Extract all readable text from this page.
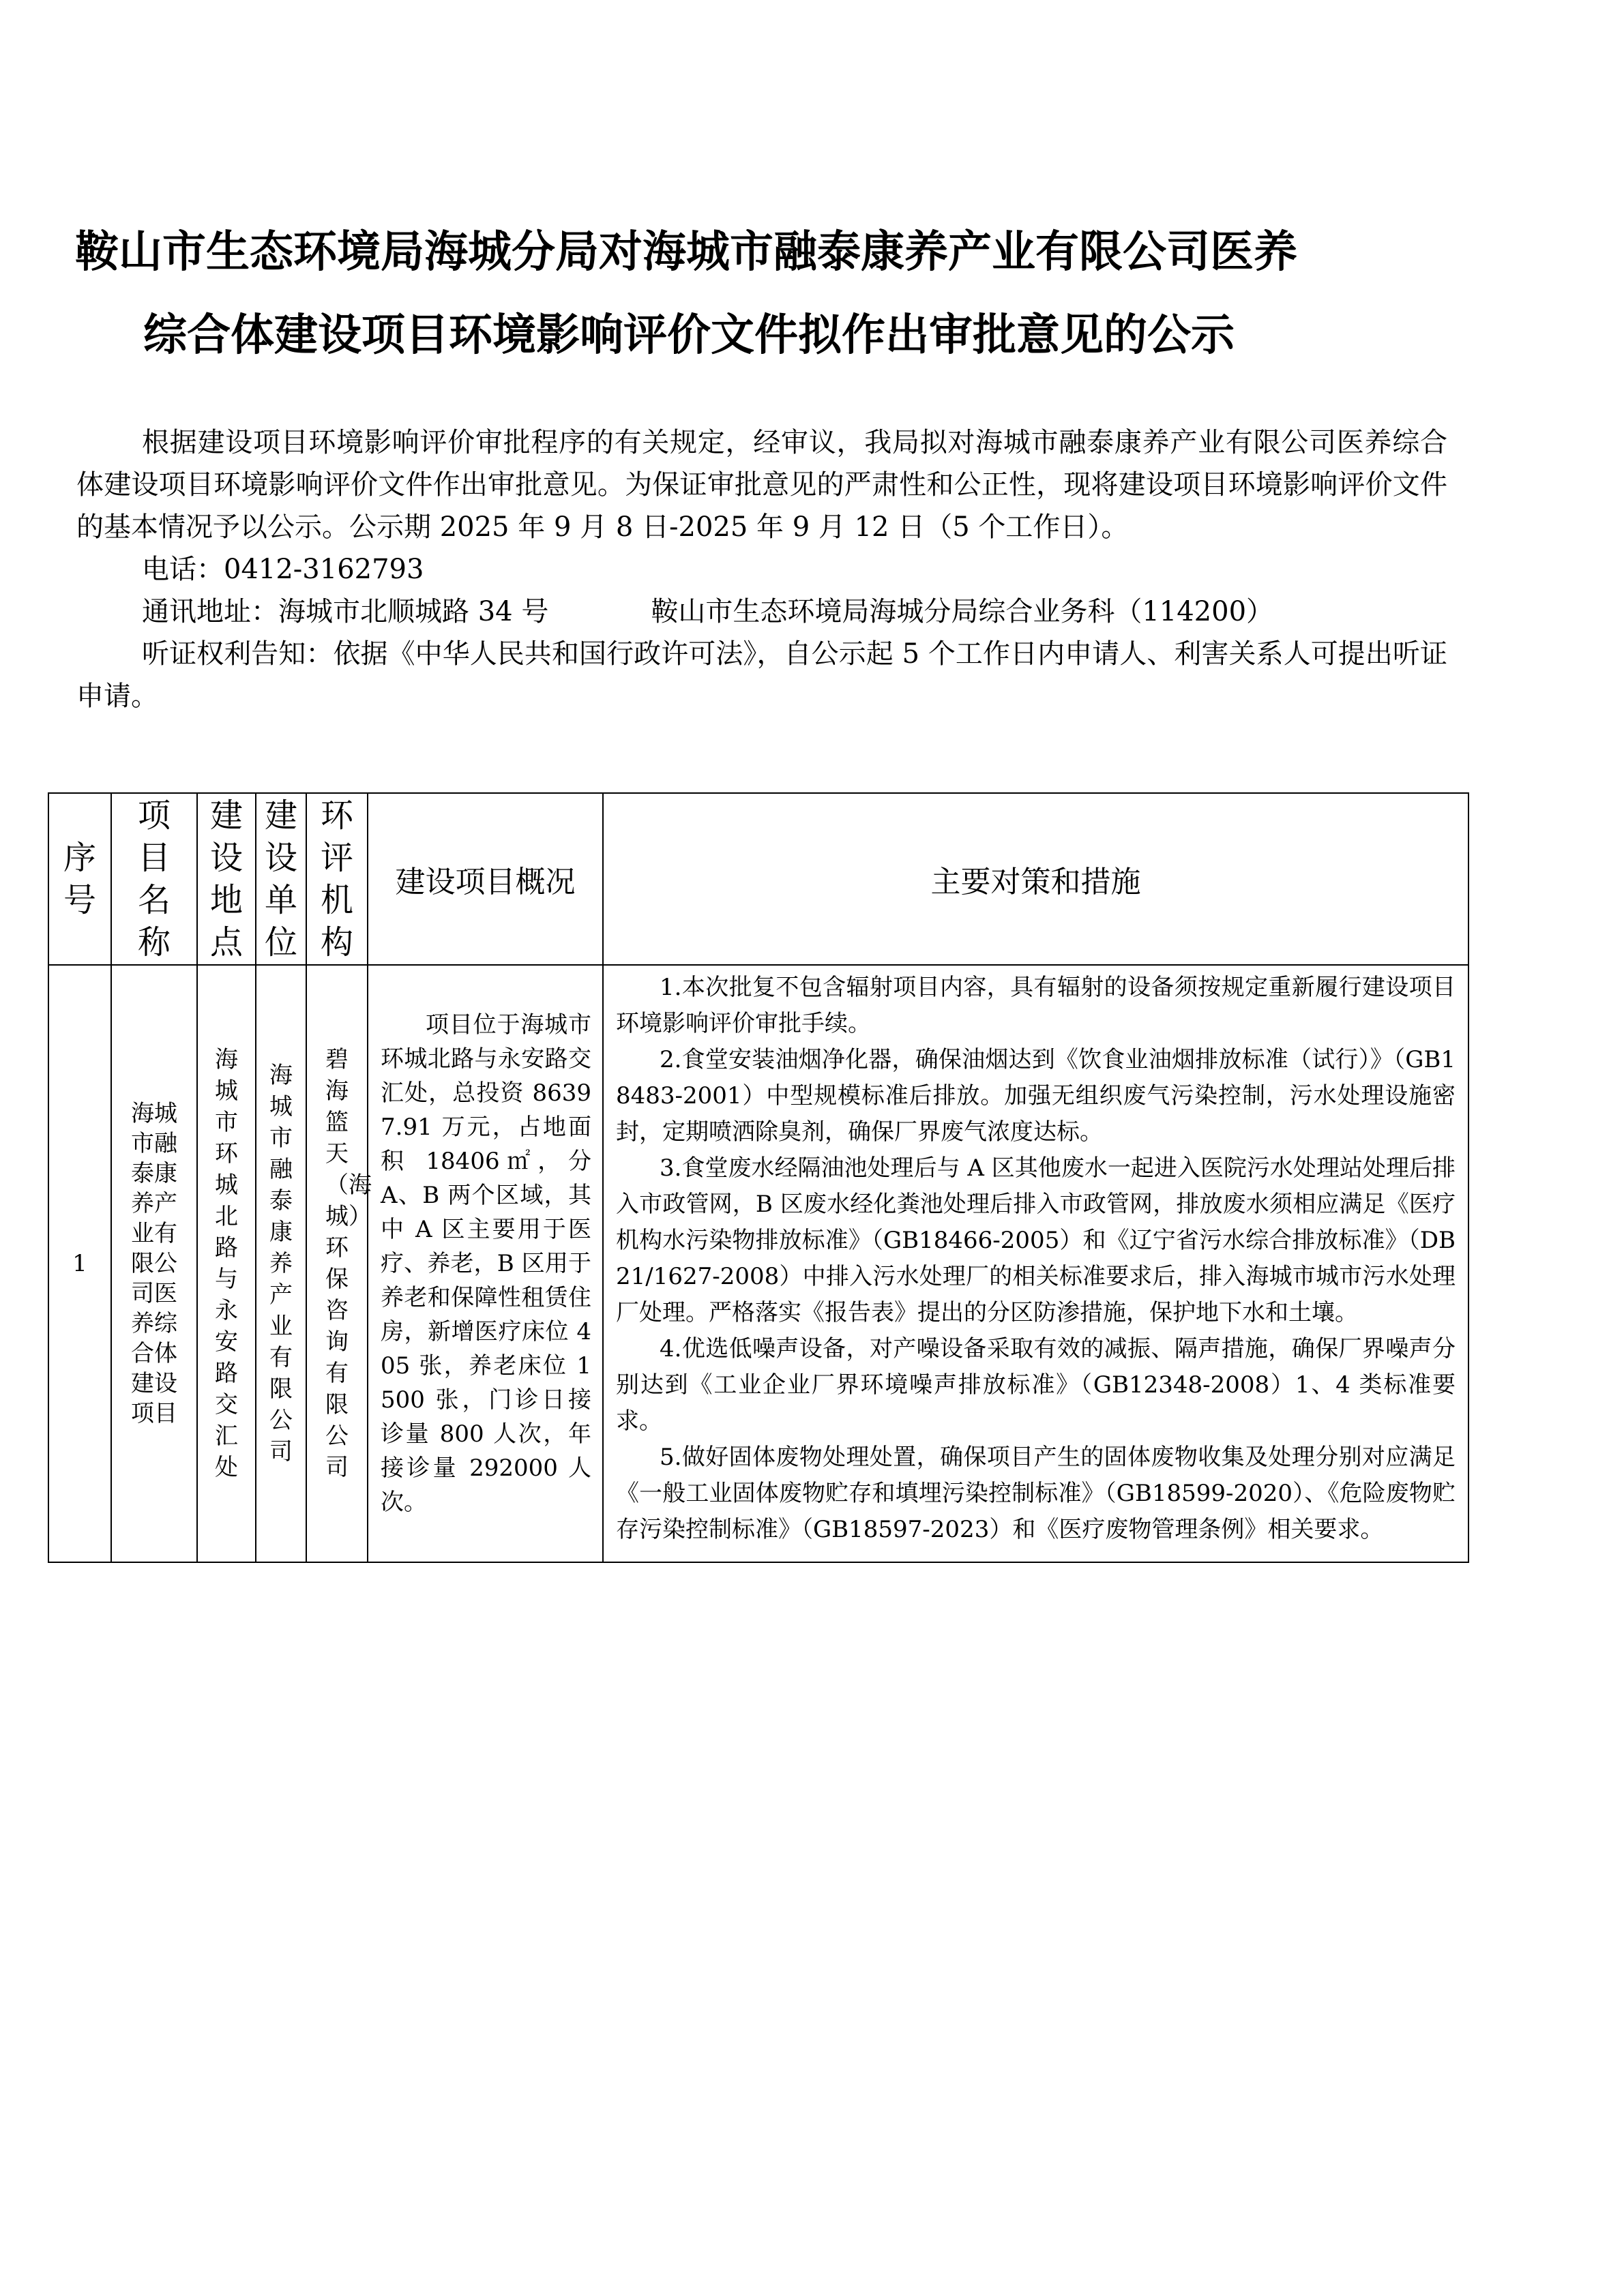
鞍山市生态环境局海城分局对海城市融泰康养产业有限公司医养
综合体建设项目环境影响评价文件拟作出审批意见的公示

根据建设项目环境影响评价审批程序的有关规定，经审议，我局拟对海城市融泰康养产业有限公司医养综合体建设项目环境影响评价文件作出审批意见。为保证审批意见的严肃性和公正性，现将建设项目环境影响评价文件的基本情况予以公示。公示期 2025 年 9 月 8 日-2025 年 9 月 12 日（5 个工作日）。

电话：0412-3162793
通讯地址：海城市北顺城路 34 号	鞍山市生态环境局海城分局综合业务科（114200）

听证权利告知：依据《中华人民共和国行政许可法》，自公示起 5 个工作日内申请人、利害关系人可提出听证申请。

序号	项目名称	建设地点	建设单位	环评机构	建设项目概况	主要对策和措施
1	海城市融泰康养产业有限公司医养综合体建设项目	海城市环城北路与永安路交汇处	海城市融泰康养产业有限公司	碧海篮天（海城）环保咨询有限公司	项目位于海城市环城北路与永安路交汇处，总投资 86397.91 万元，占地面积 18406㎡，分 A、B 两个区域，其中 A 区主要用于医疗、养老，B 区用于养老和保障性租赁住房，新增医疗床位 405 张，养老床位 1500 张，门诊日接诊量 800 人次，年接诊量 292000 人次。	1.本次批复不包含辐射项目内容，具有辐射的设备须按规定重新履行建设项目环境影响评价审批手续。

2.食堂安装油烟净化器，确保油烟达到《饮食业油烟排放标准（试行）》（GB18483-2001）中型规模标准后排放。加强无组织废气污染控制，污水处理设施密封，定期喷洒除臭剂，确保厂界废气浓度达标。

3.食堂废水经隔油池处理后与 A 区其他废水一起进入医院污水处理站处理后排入市政管网，B 区废水经化粪池处理后排入市政管网，排放废水须相应满足《医疗机构水污染物排放标准》（GB18466-2005）和《辽宁省污水综合排放标准》（DB 21/1627-2008）中排入污水处理厂的相关标准要求后，排入海城市城市污水处理厂处理。严格落实《报告表》提出的分区防渗措施，保护地下水和土壤。

4.优选低噪声设备，对产噪设备采取有效的减振、隔声措施，确保厂界噪声分别达到《工业企业厂界环境噪声排放标准》（GB12348-2008）1、4 类标准要求。

5.做好固体废物处理处置，确保项目产生的固体废物收集及处理分别对应满足《一般工业固体废物贮存和填埋污染控制标准》（GB18599-2020）、《危险废物贮存污染控制标准》（GB18597-2023）和《医疗废物管理条例》相关要求。
